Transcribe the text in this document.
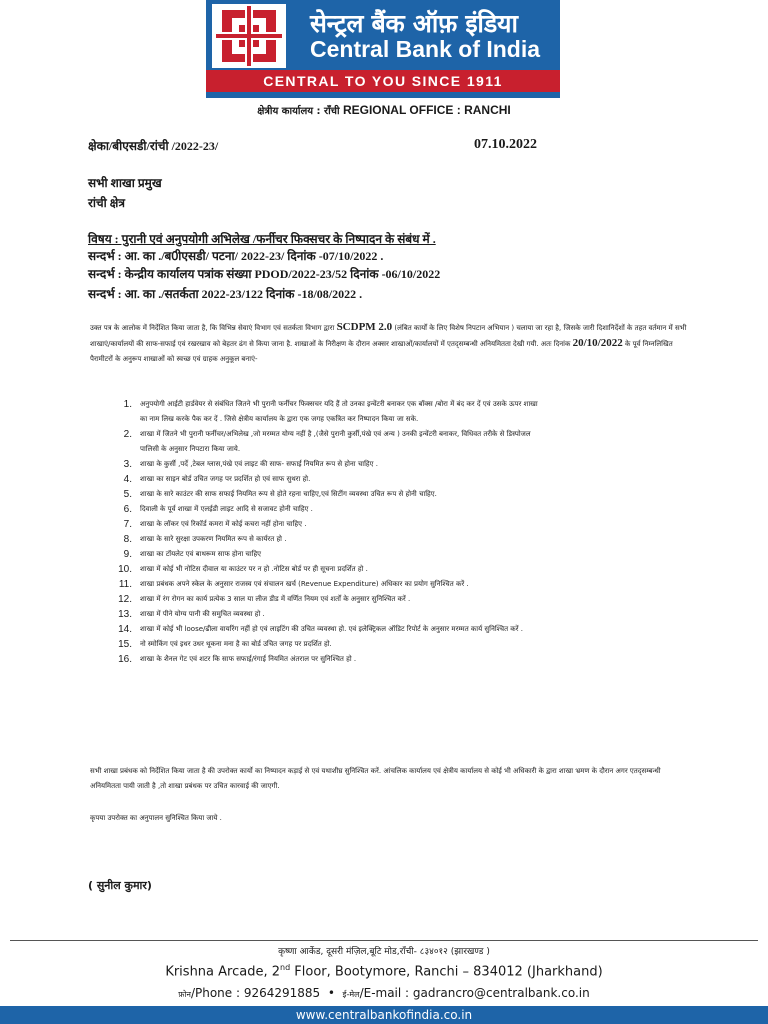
सेन्ट्रल बैंक ऑफ़ इंडिया
Central Bank of India
CENTRAL TO YOU SINCE 1911
क्षेत्रीय कार्यालय : राँची REGIONAL OFFICE : RANCHI
क्षेका/बीएसडी/रांची /2022-23/	07.10.2022
सभी शाखा प्रमुख
रांची क्षेत्र
विषय : पुरानी एवं अनुपयोगी अभिलेख /फर्नीचर फिक्सचर के निष्पादन के संबंध में .
सन्दर्भ : आ. का ./ब0ीएसडी/ पटना/ 2022-23/ दिनांक -07/10/2022 .
सन्दर्भ : केन्द्रीय कार्यालय पत्रांक संख्या PDOD/2022-23/52 दिनांक -06/10/2022
सन्दर्भ : आ. का ./सतर्कता 2022-23/122 दिनांक -18/08/2022 .
उक्त पत्र के आलोक में निर्देशित किया जाता है, कि विभिन्न सेवाएं विभाग एवं सतर्कता विभाग द्वारा SCDPM 2.0 (लंबित कार्यों के लिए विशेष निपटान अभियान ) चलाया जा रहा है, जिसके जारी दिशानिर्देशों के तहत वर्तमान में सभी शाखाएं/कार्यालयों की साफ-सफाई एवं रखरखाव को बेहतर ढंग से किया जाना है. शाखाओं के निरीक्षण के दौरान अक्सर शाखाओं/कार्यालयों में एतद्सम्बन्धी अनियमितता देखी गयी. अतः दिनांक 20/10/2022 के पूर्व निम्नलिखित पैरामीटरों के अनुरूप शाखाओं को स्वच्छ एवं ग्राहक अनुकूल बनाएं-
1. अनुपयोगी आईटी हार्डवेयर से संबंधित जितने भी पुरानी फर्नीचर फिक्सचर यदि हैं तो उनका इन्वेंटरी बनाकर एक बॉक्स /बोरा में बंद कर दें एवं उसके ऊपर शाखा
का नाम लिख करके पैक कर दें . जिसे क्षेत्रीय कार्यालय के द्वारा एक जगह एकत्रित कर निष्पादन किया जा सके.
2. शाखा में जितने भी पुरानी फर्नीचर/अभिलेख ,जो मरम्मत योग्य नहीं है ,(जैसे पुरानी कुर्सी,पंखे एवं अन्य ) उनकी इन्वेंटरी बनाकर, विधिवत तरीके से डिस्पोजल
पालिसी के अनुसार निपटारा किया जाये.
3. शाखा के कुर्सी ,पर्दे ,टेबल ग्लास,पंखे एवं लाइट की साफ- सफाई नियमित रूप से होना चाहिए .
4. शाखा का साइन बोर्ड उचित जगह पर प्रदर्शित हो एवं साफ सुथरा हो.
5. शाखा के सारे काउंटर की साफ सफाई नियमित रूप से होते रहना चाहिए,एवं सिटींग व्यवस्था उचित रूप से होनी चाहिए.
6. दिवाली के पूर्व शाखा में एलईडी लाइट आदि से सजावट होनी चाहिए .
7. शाखा के लॉकर एवं रिकॉर्ड कमरा में कोई कचरा नहीं होना चाहिए .
8. शाखा के सारे सुरक्षा उपकरण नियमित रूप से कार्यरत हो .
9. शाखा का टॉयलेट एवं बाथरूम साफ होना चाहिए
10. शाखा में कोई भी नोटिस दीवाल या काउंटर पर न हो .नोटिस बोर्ड पर ही सूचना प्रदर्शित हो .
11. शाखा प्रबंधक अपने स्केल के अनुसार राजस्व एवं संचालन खर्च (Revenue Expenditure) अधिकार का प्रयोग सुनिश्चित करें .
12. शाखा में रंग रोगन का कार्य प्रत्येक 3 साल या लीज डीड में वर्णित नियम एवं शर्तों के अनुसार सुनिश्चित करें .
13. शाखा में पीने योग्य पानी की समुचित व्यवस्था हो .
14. शाखा में कोई भी loose/ढीला वायरिंग नहीं हो एवं लाइटिंग की उचित व्यवस्था हो. एवं इलेक्ट्रिकल ऑडिट रिपोर्ट के अनुसार मरम्मत कार्य सुनिश्चित करें .
15. नो स्मोकिंग एवं इधर उधर थूकना मना है का बोर्ड उचित जगह पर प्रदर्शित हो.
16. शाखा के शैनल गेट एवं शटर कि साफ सफाई/रंगाई नियमित अंतराल पर सुनिश्चित हो .
सभी शाखा प्रबंधक को निर्देशित किया जाता है की उपरोक्त कार्यो का निष्पादन कड़ाई से एवं यथाशीघ्र सुनिश्चित करें. आंचलिक कार्यालय एवं क्षेत्रीय कार्यालय से कोई भी अधिकारी के द्वारा शाखा भ्रमण के दौरान अगर एतद्सम्बन्धी अनियमितता पायी जाती है ,तो शाखा प्रबंधक पर उचित कारवाई की जाएगी.
कृपया उपरोक्त का अनुपालन सुनिश्चित किया जाये .
( सुनील कुमार)
कृष्णा आर्केड, दूसरी मंज़िल,बूटि मोड,राँची- ८३४०१२ (झारखण्ड )
Krishna Arcade, 2nd Floor, Bootymore, Ranchi – 834012 (Jharkhand)
फ़ोन/Phone : 9264291885  •  ई-मेल/E-mail : gadrancro@centralbank.co.in
www.centralbankofindia.co.in
